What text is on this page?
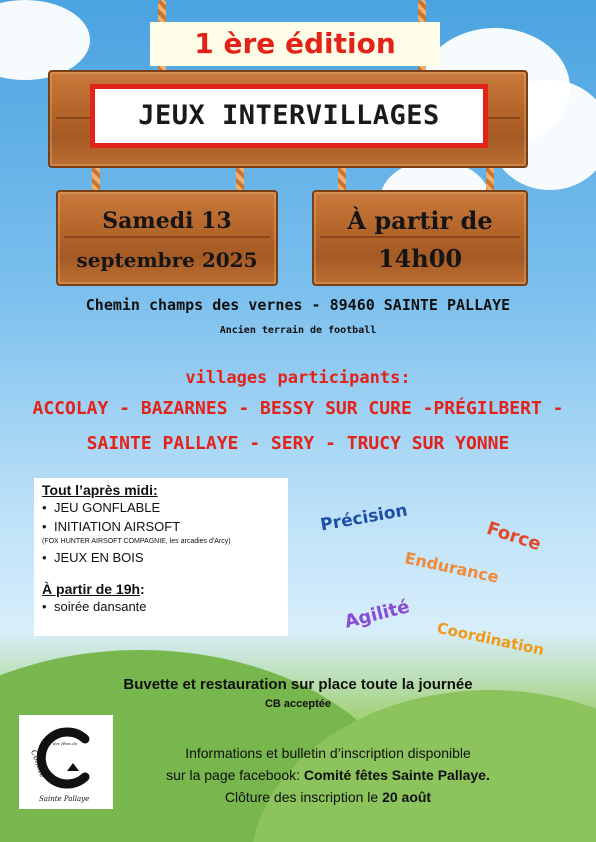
1 ère édition
JEUX INTERVILLAGES
Samedi 13
septembre 2025
À partir de
14h00
Chemin champs des vernes - 89460 SAINTE PALLAYE
Ancien terrain de football
villages participants:
ACCOLAY - BAZARNES - BESSY SUR CURE -PRÉGILBERT -
SAINTE PALLAYE - SERY - TRUCY SUR YONNE
Tout l’après midi:
• JEU GONFLABLE
• INITIATION AIRSOFT
(FOX HUNTER AIRSOFT COMPAGNIE, les arcadies d'Arcy)
• JEUX EN BOIS
À partir de 19h:
• soirée dansante
Précision	Force
Endurance
Agilité
Coordination
Buvette et restauration sur place toute la journée
CB acceptée
Comité
des fêtes de
Sainte Pallaye
Informations et bulletin d’inscription disponible
sur la page facebook: Comité fêtes Sainte Pallaye.
Clôture des inscription le 20 août
